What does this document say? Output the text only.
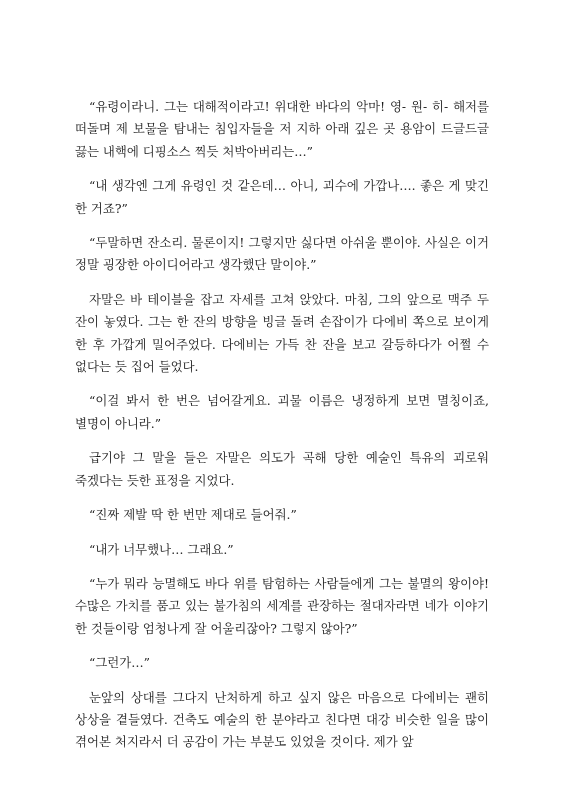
“유령이라니. 그는 대해적이라고! 위대한 바다의 악마! 영- 원- 히- 해저를 떠돌며 제 보물을 탐내는 침입자들을 저 지하 아래 깊은 곳 용암이 드글드글 끓는 내핵에 디핑소스 찍듯 처박아버리는…”

“내 생각엔 그게 유령인 것 같은데… 아니, 괴수에 가깝나…. 좋은 게 맞긴 한 거죠?”

“두말하면 잔소리. 물론이지! 그렇지만 싫다면 아쉬울 뿐이야. 사실은 이거 정말 굉장한 아이디어라고 생각했단 말이야.”

자말은 바 테이블을 잡고 자세를 고쳐 앉았다. 마침, 그의 앞으로 맥주 두 잔이 놓였다. 그는 한 잔의 방향을 빙글 돌려 손잡이가 다에비 쪽으로 보이게 한 후 가깝게 밀어주었다. 다에비는 가득 찬 잔을 보고 갈등하다가 어쩔 수 없다는 듯 집어 들었다.

“이걸 봐서 한 번은 넘어갈게요. 괴물 이름은 냉정하게 보면 멸칭이죠, 별명이 아니라.”

급기야 그 말을 들은 자말은 의도가 곡해 당한 예술인 특유의 괴로워 죽겠다는 듯한 표정을 지었다.

“진짜 제발 딱 한 번만 제대로 들어줘.”

“내가 너무했나… 그래요.”

“누가 뭐라 능멸해도 바다 위를 탐험하는 사람들에게 그는 불멸의 왕이야! 수많은 가치를 품고 있는 불가침의 세계를 관장하는 절대자라면 네가 이야기 한 것들이랑 엄청나게 잘 어울리잖아? 그렇지 않아?”

“그런가…”

눈앞의 상대를 그다지 난처하게 하고 싶지 않은 마음으로 다에비는 괜히 상상을 곁들였다. 건축도 예술의 한 분야라고 친다면 대강 비슷한 일을 많이 겪어본 처지라서 더 공감이 가는 부분도 있었을 것이다. 제가 앞
